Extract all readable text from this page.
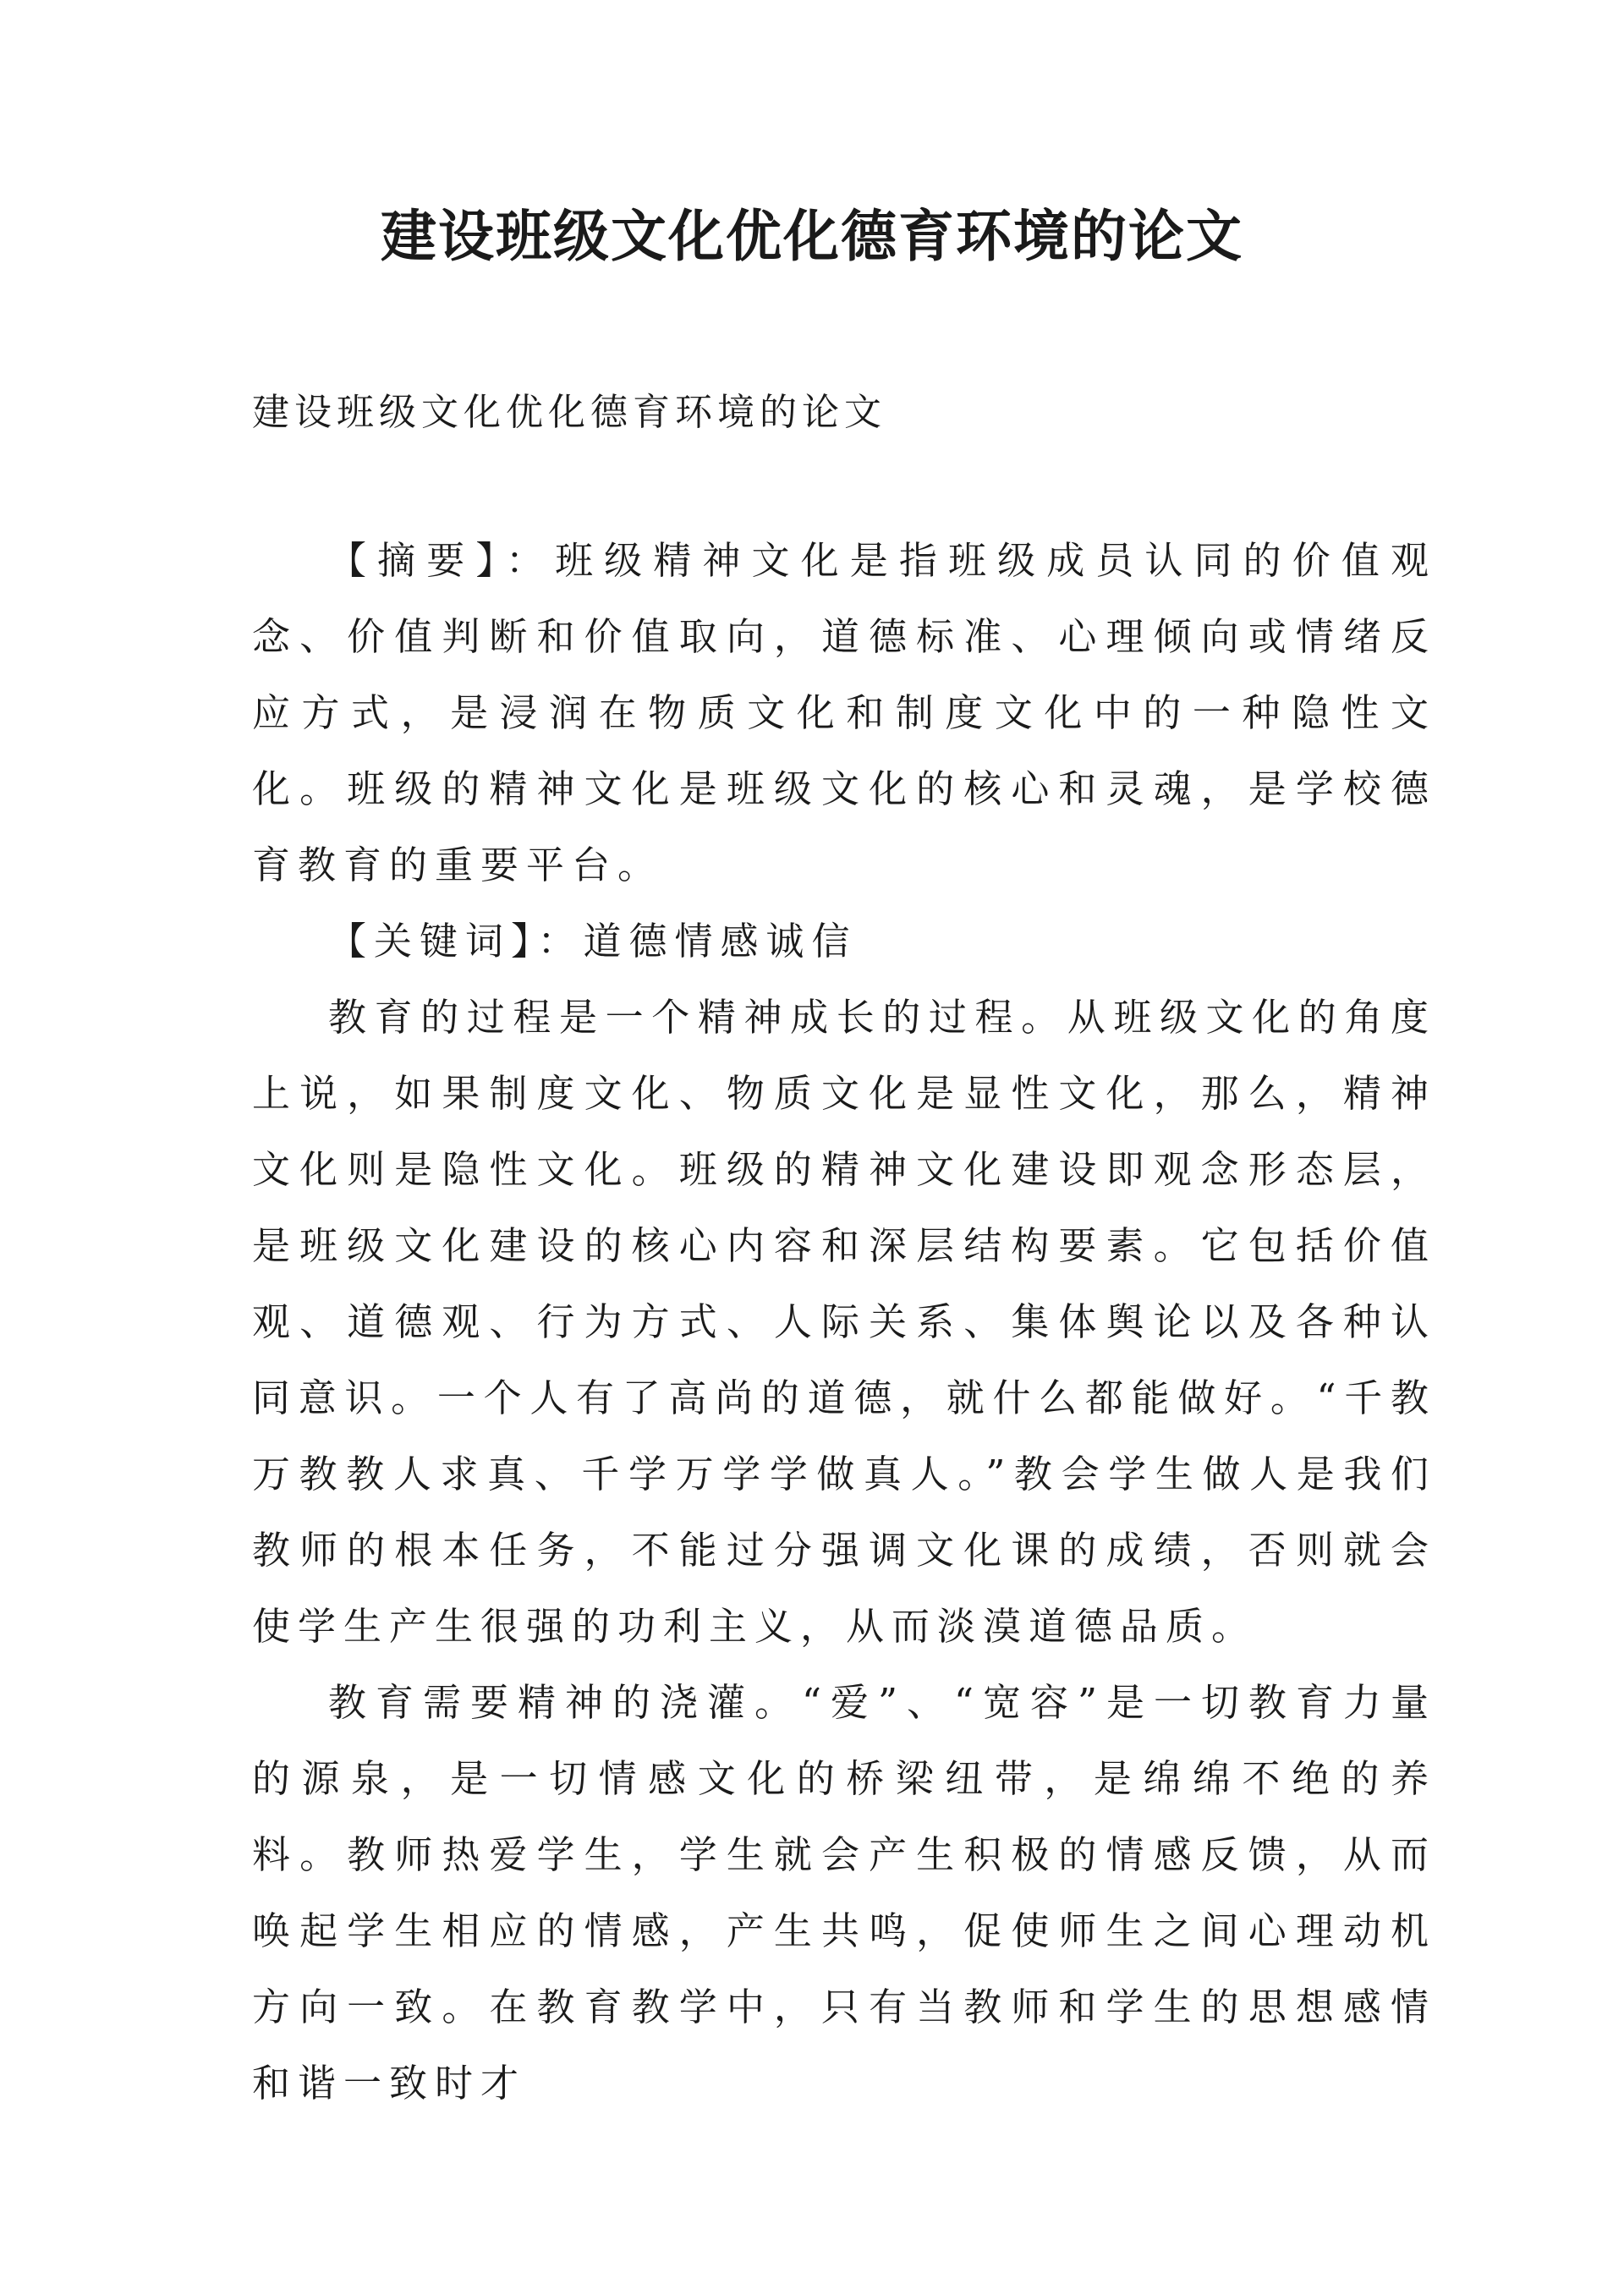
建设班级文化优化德育环境的论文

建设班级文化优化德育环境的论文

【摘要】：班级精神文化是指班级成员认同的价值观念、价值判断和价值取向，道德标准、心理倾向或情绪反应方式，是浸润在物质文化和制度文化中的一种隐性文化。班级的精神文化是班级文化的核心和灵魂，是学校德育教育的重要平台。

【关键词】：道德情感诚信

教育的过程是一个精神成长的过程。从班级文化的角度上说，如果制度文化、物质文化是显性文化，那么，精神文化则是隐性文化。班级的精神文化建设即观念形态层，是班级文化建设的核心内容和深层结构要素。它包括价值观、道德观、行为方式、人际关系、集体舆论以及各种认同意识。一个人有了高尚的道德，就什么都能做好。“千教万教教人求真、千学万学学做真人。”教会学生做人是我们教师的根本任务，不能过分强调文化课的成绩，否则就会使学生产生很强的功利主义，从而淡漠道德品质。

教育需要精神的浇灌。“爱”、“宽容”是一切教育力量的源泉，是一切情感文化的桥梁纽带，是绵绵不绝的养料。教师热爱学生，学生就会产生积极的情感反馈，从而唤起学生相应的情感，产生共鸣，促使师生之间心理动机方向一致。在教育教学中，只有当教师和学生的思想感情和谐一致时才
